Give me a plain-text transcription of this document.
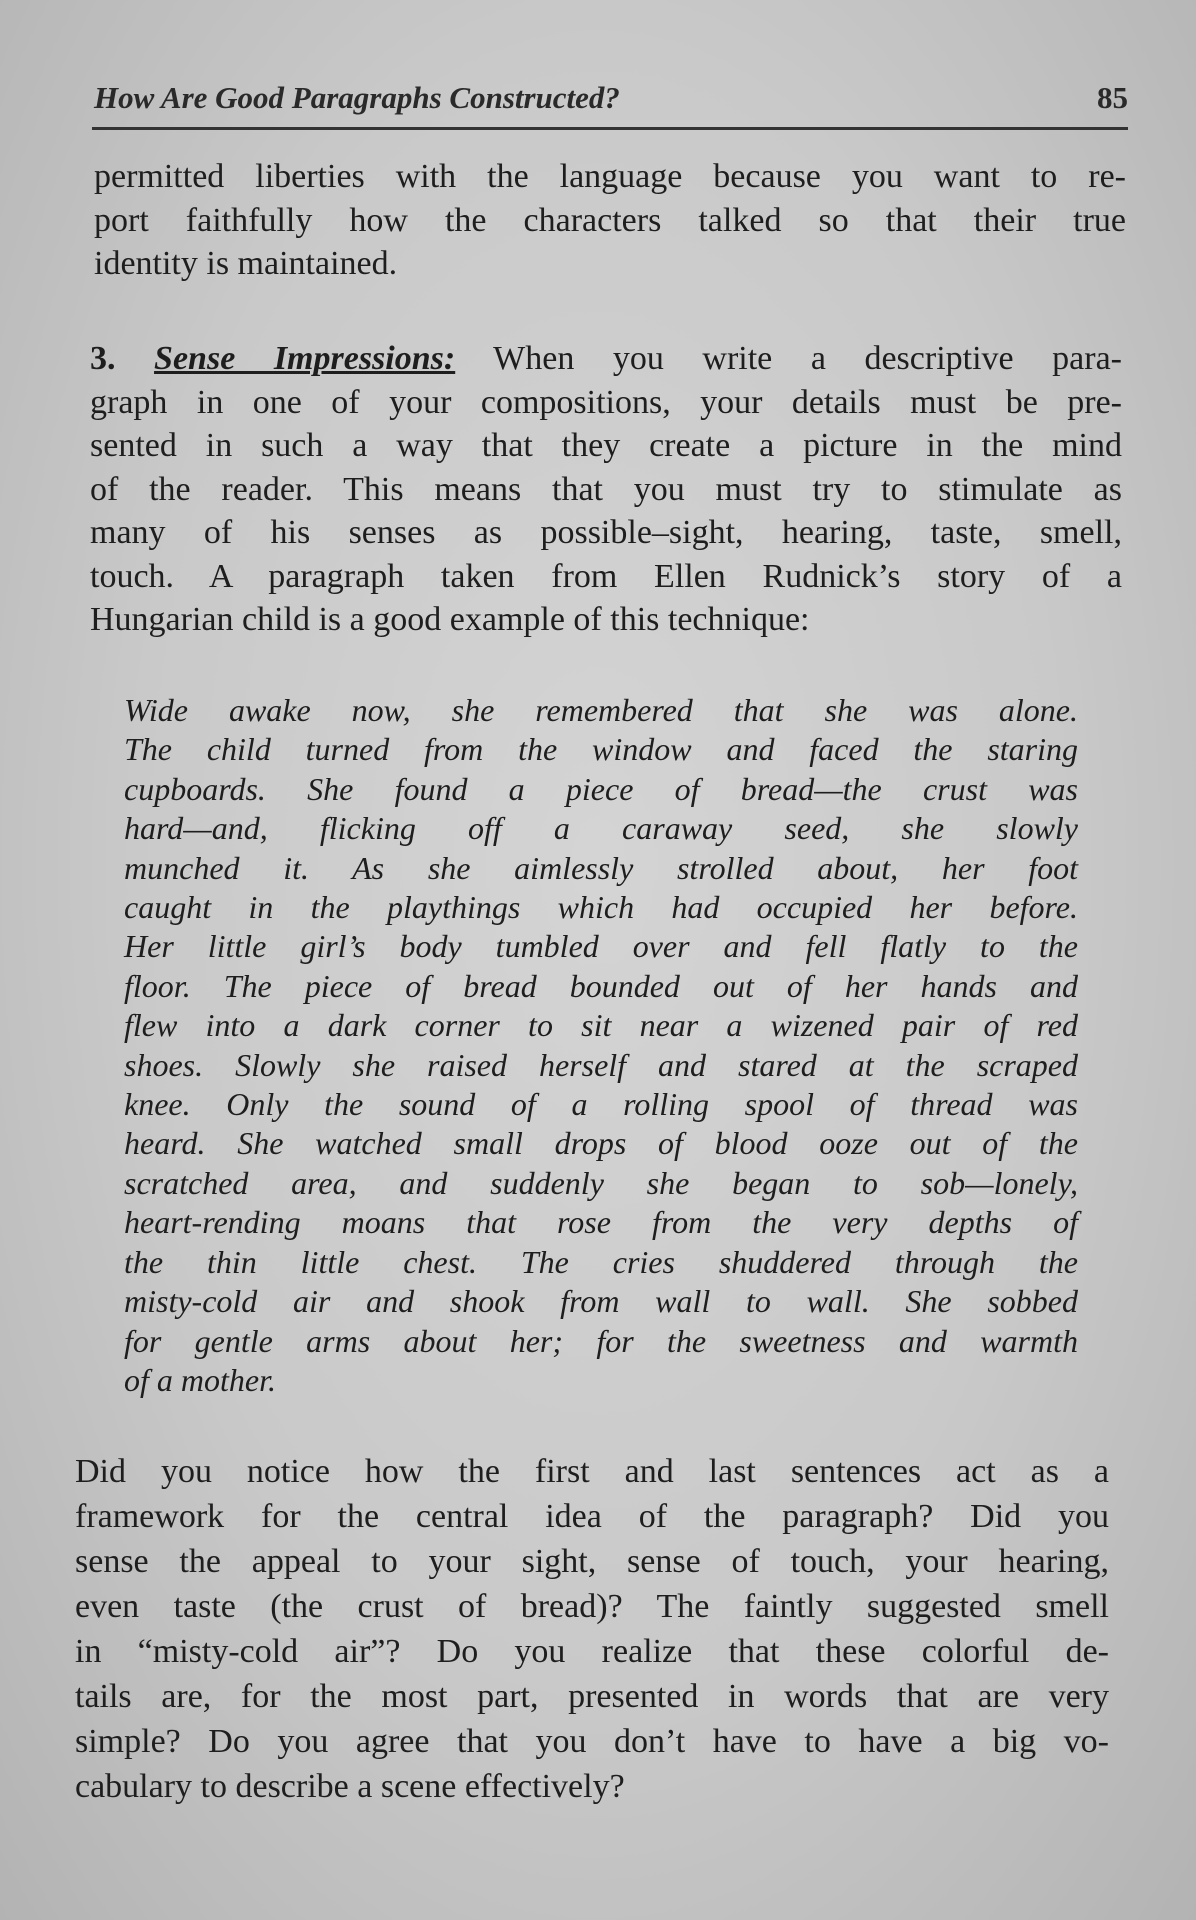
How Are Good Paragraphs Constructed?	85
permitted liberties with the language because you want to re-
port faithfully how the characters talked so that their true
identity is maintained.
3. Sense Impressions: When you write a descriptive para-
graph in one of your compositions, your details must be pre-
sented in such a way that they create a picture in the mind
of the reader. This means that you must try to stimulate as
many of his senses as possible–sight, hearing, taste, smell,
touch. A paragraph taken from Ellen Rudnick’s story of a
Hungarian child is a good example of this technique:
Wide awake now, she remembered that she was alone.
The child turned from the window and faced the staring
cupboards. She found a piece of bread—the crust was
hard—and, flicking off a caraway seed, she slowly
munched it. As she aimlessly strolled about, her foot
caught in the playthings which had occupied her before.
Her little girl’s body tumbled over and fell flatly to the
floor. The piece of bread bounded out of her hands and
flew into a dark corner to sit near a wizened pair of red
shoes. Slowly she raised herself and stared at the scraped
knee. Only the sound of a rolling spool of thread was
heard. She watched small drops of blood ooze out of the
scratched area, and suddenly she began to sob—lonely,
heart-rending moans that rose from the very depths of
the thin little chest. The cries shuddered through the
misty-cold air and shook from wall to wall. She sobbed
for gentle arms about her; for the sweetness and warmth
of a mother.
Did you notice how the first and last sentences act as a
framework for the central idea of the paragraph? Did you
sense the appeal to your sight, sense of touch, your hearing,
even taste (the crust of bread)? The faintly suggested smell
in “misty-cold air”? Do you realize that these colorful de-
tails are, for the most part, presented in words that are very
simple? Do you agree that you don’t have to have a big vo-
cabulary to describe a scene effectively?
